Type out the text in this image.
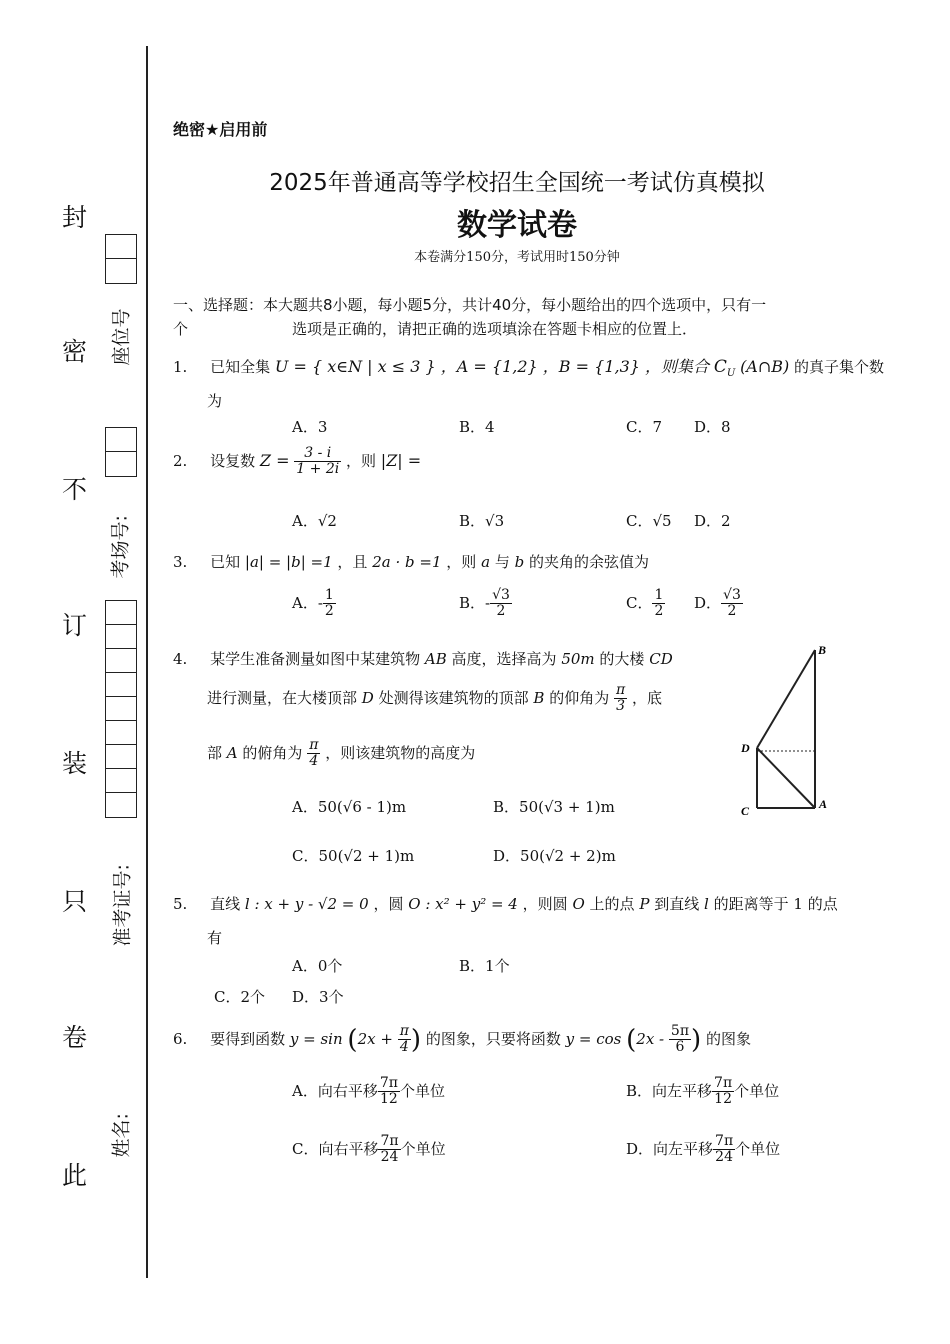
封
密
不
订
装
只
卷
此
座位号
考场号:
准考证号:
姓名:
绝密★启用前
2025年普通高等学校招生全国统一考试仿真模拟
数学试卷
本卷满分150分，考试用时150分钟
一、选择题：本大题共8小题，每小题5分，共计40分，每小题给出的四个选项中，只有一
个	选项是正确的，请把正确的选项填涂在答题卡相应的位置上．
1. 已知全集 U = { x∈N | x ≤ 3 } ，A = {1,2} ，B = {1,3} ，则集合 $C_U$ (A∩B) 的真子集个数
为
A．3	B．4	C．7 D．8
2. 设复数 $Z = \frac{3 - i}{1 + 2i}$ ，则 |Z| =
A．√2	B．√3	C．√5 D．2
3. 已知 |a| = |b| =1 ，且 2a · b =1 ，则 a 与 b 的夹角的余弦值为
A．- $\frac{1}{2}$	B．- $\frac{√3}{2}$	C． $\frac{1}{2}$ D． $\frac{√3}{2}$
4. 某学生准备测量如图中某建筑物 AB 高度，选择高为 50m 的大楼 CD
进行测量，在大楼顶部 D 处测得该建筑物的顶部 B 的仰角为 $\frac{\pi}{3}$ ，底
部 A 的俯角为 $\frac{\pi}{4}$ ，则该建筑物的高度为
A．50(√6 - 1)m	B．50(√3 + 1)m
C．50(√2 + 1)m	D．50(√2 + 2)m
B
D
C	A
5. 直线 l : x + y - √2 = 0 ，圆 O : x² + y² = 4 ，则圆 O 上的点 P 到直线 l 的距离等于 1 的点
有
A．0个	B．1个
C．2个 D．3个
6. 要得到函数 $y = \sin (2x + \frac{\pi}{4}$ ) 的图象，只要将函数 $y = \cos (2x - \frac{5\pi}{6}$ ) 的图象
A．向右平移 $\frac{7\pi}{12}$ 个单位	B．向左平移 $\frac{7\pi}{12}$ 个单位
C．向右平移 $\frac{7\pi}{24}$ 个单位	D．向左平移 $\frac{7\pi}{24}$ 个单位
